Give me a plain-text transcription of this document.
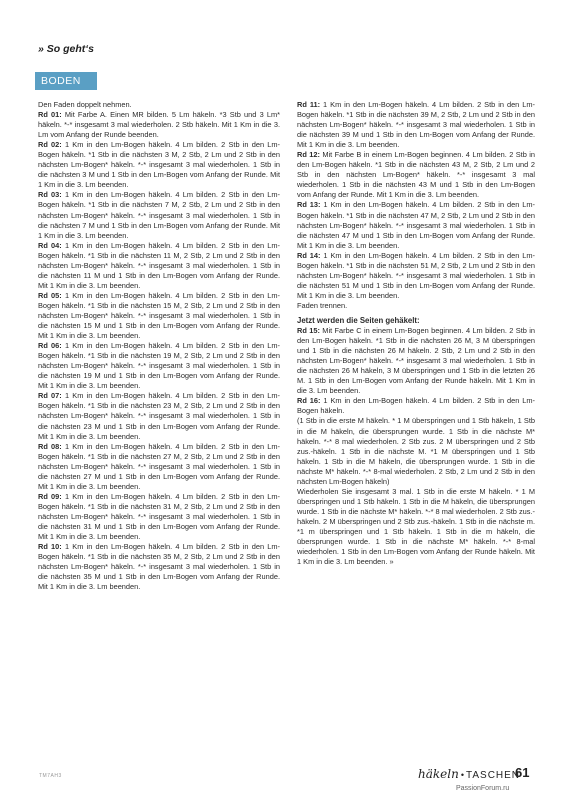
» So geht‘s
BODEN

Den Faden doppelt nehmen.

Rd 01: Mit Farbe A. Einen MR bilden. 5 Lm häkeln. *3 Stb und 3 Lm* häkeln. *-* insgesamt 3 mal wiederholen. 2 Stb häkeln. Mit 1 Km in die 3. Lm vom Anfang der Runde beenden.

Rd 02: 1 Km in den Lm-Bogen häkeln. 4 Lm bilden. 2 Stb in den Lm-Bogen häkeln. *1 Stb in die nächsten 3 M, 2 Stb, 2 Lm und 2 Stb in den nächsten Lm-Bogen* häkeln. *-* insgesamt 3 mal wiederholen. 1 Stb in die nächsten 3 M und 1 Stb in den Lm-Bogen vom Anfang der Runde. Mit 1 Km in die 3. Lm beenden.

Rd 03: 1 Km in den Lm-Bogen häkeln. 4 Lm bilden. 2 Stb in den Lm-Bogen häkeln. *1 Stb in die nächsten 7 M, 2 Stb, 2 Lm und 2 Stb in den nächsten Lm-Bogen* häkeln. *-* insgesamt 3 mal wiederholen. 1 Stb in die nächsten 7 M und 1 Stb in den Lm-Bogen vom Anfang der Runde. Mit 1 Km in die 3. Lm beenden.

Rd 04: 1 Km in den Lm-Bogen häkeln. 4 Lm bilden. 2 Stb in den Lm-Bogen häkeln. *1 Stb in die nächsten 11 M, 2 Stb, 2 Lm und 2 Stb in den nächsten Lm-Bogen* häkeln. *-* insgesamt 3 mal wiederholen. 1 Stb in die nächsten 11 M und 1 Stb in den Lm-Bogen vom Anfang der Runde. Mit 1 Km in die 3. Lm beenden.

Rd 05: 1 Km in den Lm-Bogen häkeln. 4 Lm bilden. 2 Stb in den Lm-Bogen häkeln. *1 Stb in die nächsten 15 M, 2 Stb, 2 Lm und 2 Stb in den nächsten Lm-Bogen* häkeln. *-* insgesamt 3 mal wiederholen. 1 Stb in die nächsten 15 M und 1 Stb in den Lm-Bogen vom Anfang der Runde. Mit 1 Km in die 3. Lm beenden.

Rd 06: 1 Km in den Lm-Bogen häkeln. 4 Lm bilden. 2 Stb in den Lm-Bogen häkeln. *1 Stb in die nächsten 19 M, 2 Stb, 2 Lm und 2 Stb in den nächsten Lm-Bogen* häkeln. *-* insgesamt 3 mal wiederholen. 1 Stb in die nächsten 19 M und 1 Stb in den Lm-Bogen vom Anfang der Runde. Mit 1 Km in die 3. Lm beenden.

Rd 07: 1 Km in den Lm-Bogen häkeln. 4 Lm bilden. 2 Stb in den Lm-Bogen häkeln. *1 Stb in die nächsten 23 M, 2 Stb, 2 Lm und 2 Stb in den nächsten Lm-Bogen* häkeln. *-* insgesamt 3 mal wiederholen. 1 Stb in die nächsten 23 M und 1 Stb in den Lm-Bogen vom Anfang der Runde. Mit 1 Km in die 3. Lm beenden.

Rd 08: 1 Km in den Lm-Bogen häkeln. 4 Lm bilden. 2 Stb in den Lm-Bogen häkeln. *1 Stb in die nächsten 27 M, 2 Stb, 2 Lm und 2 Stb in den nächsten Lm-Bogen* häkeln. *-* insgesamt 3 mal wiederholen. 1 Stb in die nächsten 27 M und 1 Stb in den Lm-Bogen vom Anfang der Runde. Mit 1 Km in die 3. Lm beenden.

Rd 09: 1 Km in den Lm-Bogen häkeln. 4 Lm bilden. 2 Stb in den Lm-Bogen häkeln. *1 Stb in die nächsten 31 M, 2 Stb, 2 Lm und 2 Stb in den nächsten Lm-Bogen* häkeln. *-* insgesamt 3 mal wiederholen. 1 Stb in die nächsten 31 M und 1 Stb in den Lm-Bogen vom Anfang der Runde. Mit 1 Km in die 3. Lm beenden.

Rd 10: 1 Km in den Lm-Bogen häkeln. 4 Lm bilden. 2 Stb in den Lm-Bogen häkeln. *1 Stb in die nächsten 35 M, 2 Stb, 2 Lm und 2 Stb in den nächsten Lm-Bogen* häkeln. *-* insgesamt 3 mal wiederholen. 1 Stb in die nächsten 35 M und 1 Stb in den Lm-Bogen vom Anfang der Runde. Mit 1 Km in die 3. Lm beenden.

Rd 11: 1 Km in den Lm-Bogen häkeln. 4 Lm bilden. 2 Stb in den Lm-Bogen häkeln. *1 Stb in die nächsten 39 M, 2 Stb, 2 Lm und 2 Stb in den nächsten Lm-Bogen* häkeln. *-* insgesamt 3 mal wiederholen. 1 Stb in die nächsten 39 M und 1 Stb in den Lm-Bogen vom Anfang der Runde. Mit 1 Km in die 3. Lm beenden.

Rd 12: Mit Farbe B in einem Lm-Bogen beginnen. 4 Lm bilden. 2 Stb in den Lm-Bogen häkeln. *1 Stb in die nächsten 43 M, 2 Stb, 2 Lm und 2 Stb in den nächsten Lm-Bogen* häkeln. *-* insgesamt 3 mal wiederholen. 1 Stb in die nächsten 43 M und 1 Stb in den Lm-Bogen vom Anfang der Runde. Mit 1 Km in die 3. Lm beenden.

Rd 13: 1 Km in den Lm-Bogen häkeln. 4 Lm bilden. 2 Stb in den Lm-Bogen häkeln. *1 Stb in die nächsten 47 M, 2 Stb, 2 Lm und 2 Stb in den nächsten Lm-Bogen* häkeln. *-* insgesamt 3 mal wiederholen. 1 Stb in die nächsten 47 M und 1 Stb in den Lm-Bogen vom Anfang der Runde. Mit 1 Km in die 3. Lm beenden.

Rd 14: 1 Km in den Lm-Bogen häkeln. 4 Lm bilden. 2 Stb in den Lm-Bogen häkeln. *1 Stb in die nächsten 51 M, 2 Stb, 2 Lm und 2 Stb in den nächsten Lm-Bogen* häkeln. *-* insgesamt 3 mal wiederholen. 1 Stb in die nächsten 51 M und 1 Stb in den Lm-Bogen vom Anfang der Runde. Mit 1 Km in die 3. Lm beenden.

Faden trennen.

Jetzt werden die Seiten gehäkelt:

Rd 15: Mit Farbe C in einem Lm-Bogen beginnen. 4 Lm bilden. 2 Stb in den Lm-Bogen häkeln. *1 Stb in die nächsten 26 M, 3 M überspringen und 1 Stb in die nächsten 26 M häkeln. 2 Stb, 2 Lm und 2 Stb in den nächsten Lm-Bogen* häkeln. *-* insgesamt 3 mal wiederholen. 1 Stb in die nächsten 26 M häkeln, 3 M überspringen und 1 Stb in die letzten 26 M. 1 Stb in den Lm-Bogen vom Anfang der Runde häkeln. Mit 1 Km in die 3. Lm beenden.

Rd 16: 1 Km in den Lm-Bogen häkeln. 4 Lm bilden. 2 Stb in den Lm-Bogen häkeln.

(1 Stb in die erste M häkeln. * 1 M überspringen und 1 Stb häkeln, 1 Stb in die M häkeln, die übersprungen wurde. 1 Stb in die nächste M* häkeln. *-* 8 mal wiederholen. 2 Stb zus. 2 M überspringen und 2 Stb zus.-häkeln. 1 Stb in die nächste M. *1 M überspringen und 1 Stb häkeln. 1 Stb in die M häkeln, die übersprungen wurde. 1 Stb in die nächste M* häkeln. *-* 8-mal wiederholen. 2 Stb, 2 Lm und 2 Stb in den nächsten Lm-Bogen häkeln)

Wiederholen Sie insgesamt 3 mal. 1 Stb in die erste M häkeln. * 1 M überspringen und 1 Stb häkeln. 1 Stb in die M häkeln, die übersprungen wurde. 1 Stb in die nächste M* häkeln. *-* 8 mal wiederholen. 2 Stb zus.-häkeln. 2 M überspringen und 2 Stb zus.-häkeln. 1 Stb in die nächste m. *1 m überspringen und 1 Stb häkeln. 1 Stb in die m häkeln, die übersprungen wurde. 1 Stb in die nächste M* häkeln. *-* 8-mal wiederholen. 1 Stb in den Lm-Bogen vom Anfang der Runde häkeln. Mit 1 Km in die 3. Lm beenden. »

TM7AH3	häkeln • TASCHEN
61
PassionForum.ru
